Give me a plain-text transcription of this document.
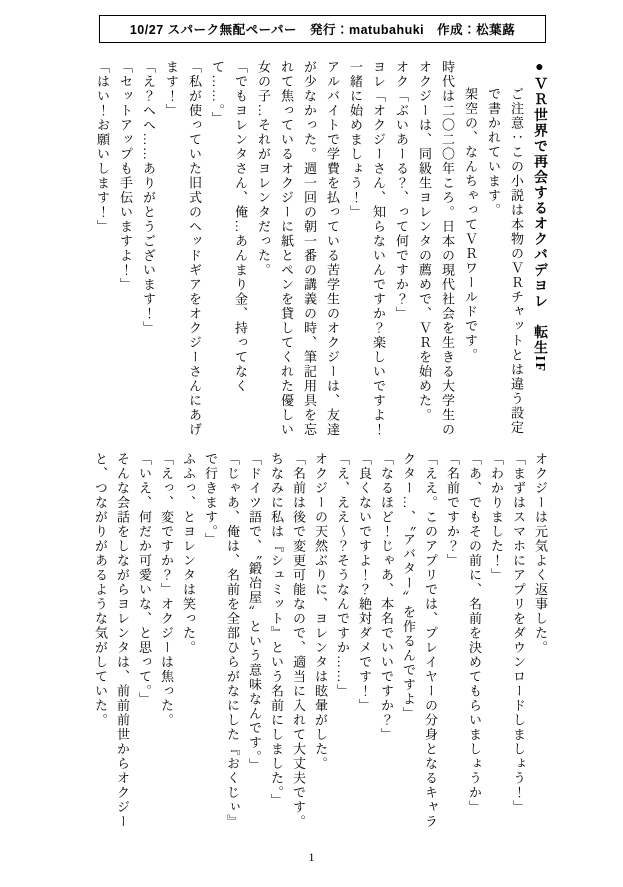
10/27 スパーク無配ペーパー　発行：matubahuki　作成：松葉蕗

●ＶＲ世界で再会するオクバデヨレ　転生IF

ご注意：この小説は本物のＶＲチャットとは違う設定で書かれています。

架空の、なんちゃってＶＲワールドです。

時代は二〇二〇年ころ。日本の現代社会を生きる大学生のオクジーは、同級生ヨレンタの薦めで、ＶＲを始めた。

オク「ぶいあーる？、って何ですか？」

ヨレ「オクジーさん、知らないんですか？楽しいですよ！一緒に始めましょう！」

アルバイトで学費を払っている苦学生のオクジーは、友達が少なかった。週一回の朝一番の講義の時、筆記用具を忘れて焦っているオクジーに紙とペンを貸してくれた優しい女の子…それがヨレンタだった。

「でもヨレンタさん、俺…あんまり金、持ってなくて……。」

「私が使っていた旧式のヘッドギアをオクジーさんにあげます！」

「え？へへ……ありがとうございます！」

「セットアップも手伝いますよ！」

「はい！お願いします！」

オクジーは元気よく返事した。

「まずはスマホにアプリをダウンロードしましょう！」

「わかりました！」

「あ、でもその前に、名前を決めてもらいましょうか」

「名前ですか？」

「ええ。このアプリでは、プレイヤーの分身となるキャラクター…、〝アバター〟を作るんですよ」

「なるほど！じゃあ、本名でいいですか？」

「良くないですよ！？絶対ダメです！」

「え、ええ〜？そうなんですか……」

オクジーの天然ぶりに、ヨレンタは眩暈がした。

「名前は後で変更可能なので、適当に入れて大丈夫です。ちなみに私は『シュミット』という名前にしました。」

「ドイツ語で、〝鍛冶屋〟という意味なんです。」

「じゃあ、俺は、名前を全部ひらがなにした『おくじぃ』で行きます。」

ふふっ、とヨレンタは笑った。

「えっ、変ですか？」オクジーは焦った。

「いえ、何だか可愛いな、と思って。」

そんな会話をしながらヨレンタは、前前前世からオクジーと、つながりがあるような気がしていた。

1
